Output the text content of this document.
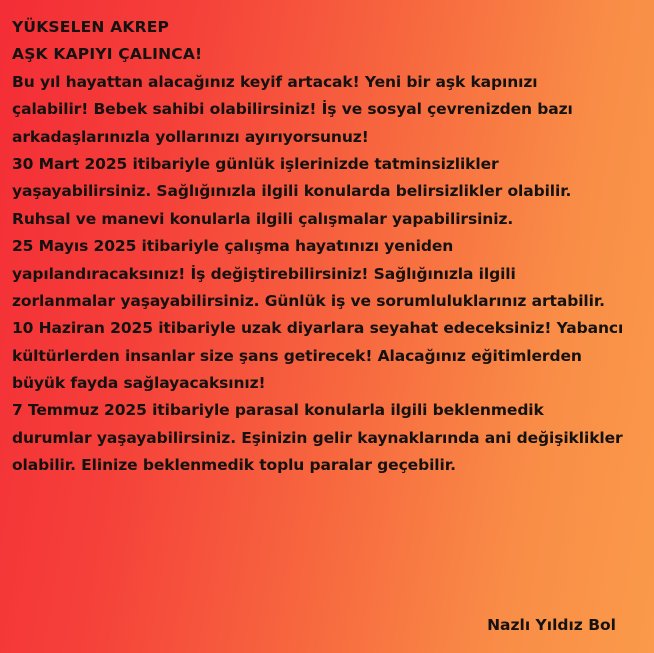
YÜKSELEN AKREP
AŞK KAPIYI ÇALINCA!
Bu yıl hayattan alacağınız keyif artacak! Yeni bir aşk kapınızı
çalabilir! Bebek sahibi olabilirsiniz! İş ve sosyal çevrenizden bazı
arkadaşlarınızla yollarınızı ayırıyorsunuz!
30 Mart 2025 itibariyle günlük işlerinizde tatminsizlikler
yaşayabilirsiniz. Sağlığınızla ilgili konularda belirsizlikler olabilir.
Ruhsal ve manevi konularla ilgili çalışmalar yapabilirsiniz.
25 Mayıs 2025 itibariyle çalışma hayatınızı yeniden
yapılandıracaksınız! İş değiştirebilirsiniz! Sağlığınızla ilgili
zorlanmalar yaşayabilirsiniz. Günlük iş ve sorumluluklarınız artabilir.
10 Haziran 2025 itibariyle uzak diyarlara seyahat edeceksiniz! Yabancı
kültürlerden insanlar size şans getirecek! Alacağınız eğitimlerden
büyük fayda sağlayacaksınız!
7 Temmuz 2025 itibariyle parasal konularla ilgili beklenmedik
durumlar yaşayabilirsiniz. Eşinizin gelir kaynaklarında ani değişiklikler
olabilir. Elinize beklenmedik toplu paralar geçebilir.
Nazlı Yıldız Bol
